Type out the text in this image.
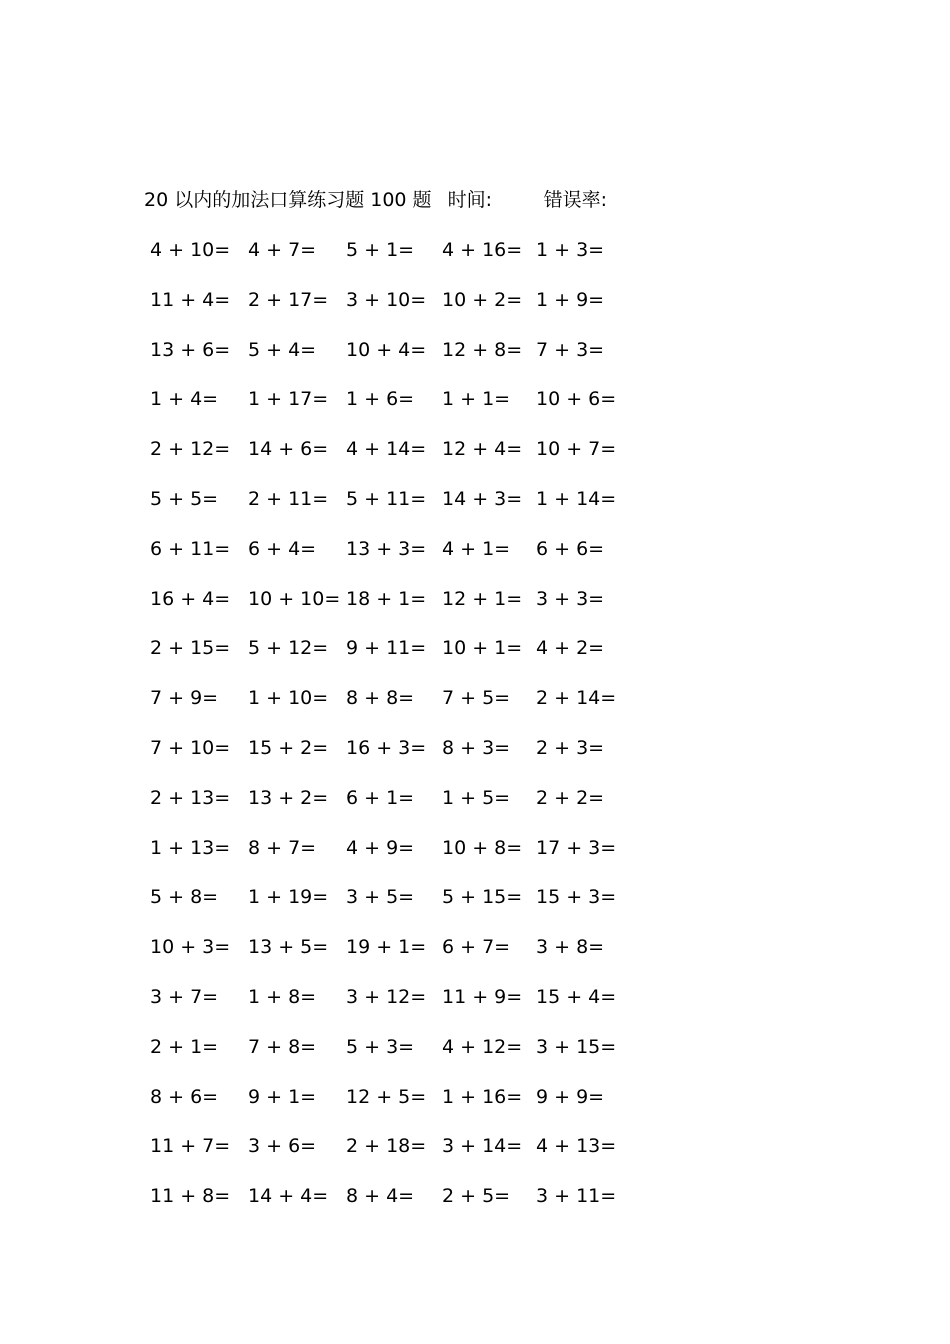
20 以内的加法口算练习题 100 题 时间:	错误率:
4 + 10= 4 + 7= 5 + 1= 4 + 16= 1 + 3=
11 + 4= 2 + 17= 3 + 10= 10 + 2= 1 + 9=
13 + 6= 5 + 4= 10 + 4= 12 + 8= 7 + 3=
1 + 4= 1 + 17= 1 + 6= 1 + 1= 10 + 6=
2 + 12= 14 + 6= 4 + 14= 12 + 4= 10 + 7=
5 + 5= 2 + 11= 5 + 11= 14 + 3= 1 + 14=
6 + 11= 6 + 4= 13 + 3= 4 + 1= 6 + 6=
16 + 4= 10 + 10= 18 + 1= 12 + 1= 3 + 3=
2 + 15= 5 + 12= 9 + 11= 10 + 1= 4 + 2=
7 + 9= 1 + 10= 8 + 8= 7 + 5= 2 + 14=
7 + 10= 15 + 2= 16 + 3= 8 + 3= 2 + 3=
2 + 13= 13 + 2= 6 + 1= 1 + 5= 2 + 2=
1 + 13= 8 + 7= 4 + 9= 10 + 8= 17 + 3=
5 + 8= 1 + 19= 3 + 5= 5 + 15= 15 + 3=
10 + 3= 13 + 5= 19 + 1= 6 + 7= 3 + 8=
3 + 7= 1 + 8= 3 + 12= 11 + 9= 15 + 4=
2 + 1= 7 + 8= 5 + 3= 4 + 12= 3 + 15=
8 + 6= 9 + 1= 12 + 5= 1 + 16= 9 + 9=
11 + 7= 3 + 6= 2 + 18= 3 + 14= 4 + 13=
11 + 8= 14 + 4= 8 + 4= 2 + 5= 3 + 11=
